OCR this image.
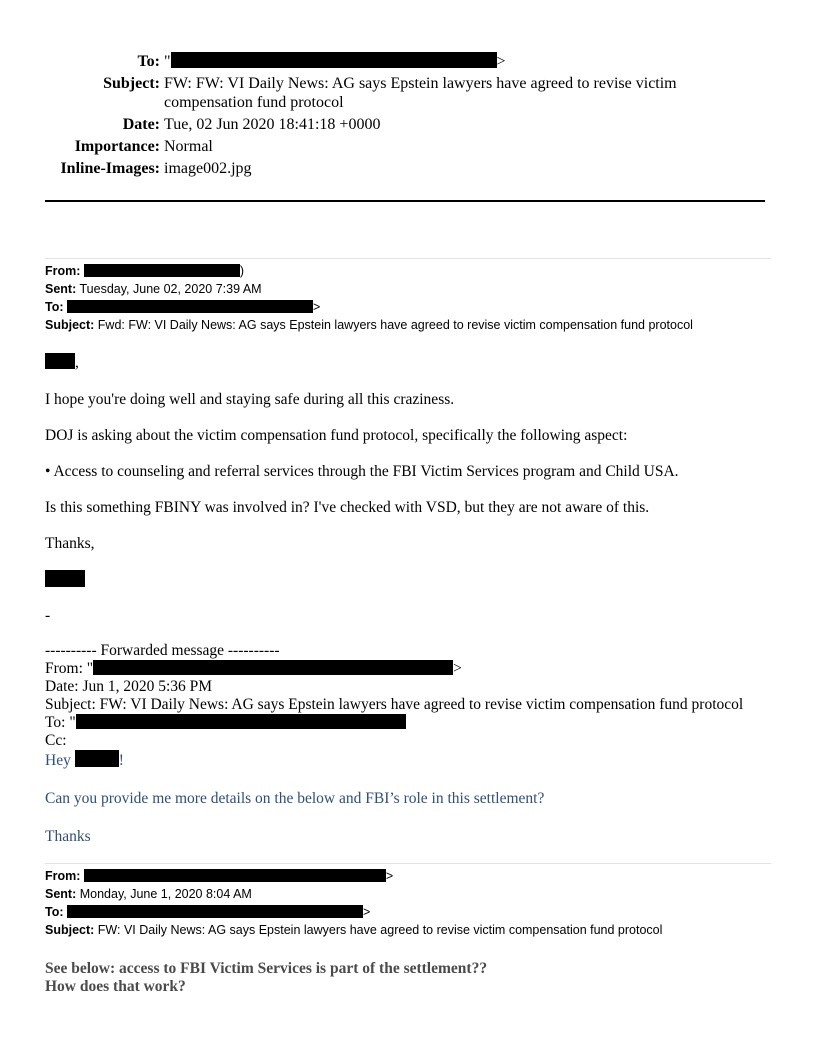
To: "	>
Subject: FW: FW: VI Daily News: AG says Epstein lawyers have agreed to revise victim compensation fund protocol
Date: Tue, 02 Jun 2020 18:41:18 +0000
Importance: Normal
Inline-Images: image002.jpg
From:	)
Sent: Tuesday, June 02, 2020 7:39 AM
To:	>
Subject: Fwd: FW: VI Daily News: AG says Epstein lawyers have agreed to revise victim compensation fund protocol
,
I hope you're doing well and staying safe during all this craziness.
DOJ is asking about the victim compensation fund protocol, specifically the following aspect:
• Access to counseling and referral services through the FBI Victim Services program and Child USA.
Is this something FBINY was involved in? I've checked with VSD, but they are not aware of this.
Thanks,
-
---------- Forwarded message ----------
From: "	>
Date: Jun 1, 2020 5:36 PM
Subject: FW: VI Daily News: AG says Epstein lawyers have agreed to revise victim compensation fund protocol
To: "
Cc:
Hey	!
Can you provide me more details on the below and FBI’s role in this settlement?
Thanks
From:	>
Sent: Monday, June 1, 2020 8:04 AM
To:	>
Subject: FW: VI Daily News: AG says Epstein lawyers have agreed to revise victim compensation fund protocol
See below: access to FBI Victim Services is part of the settlement??
How does that work?
